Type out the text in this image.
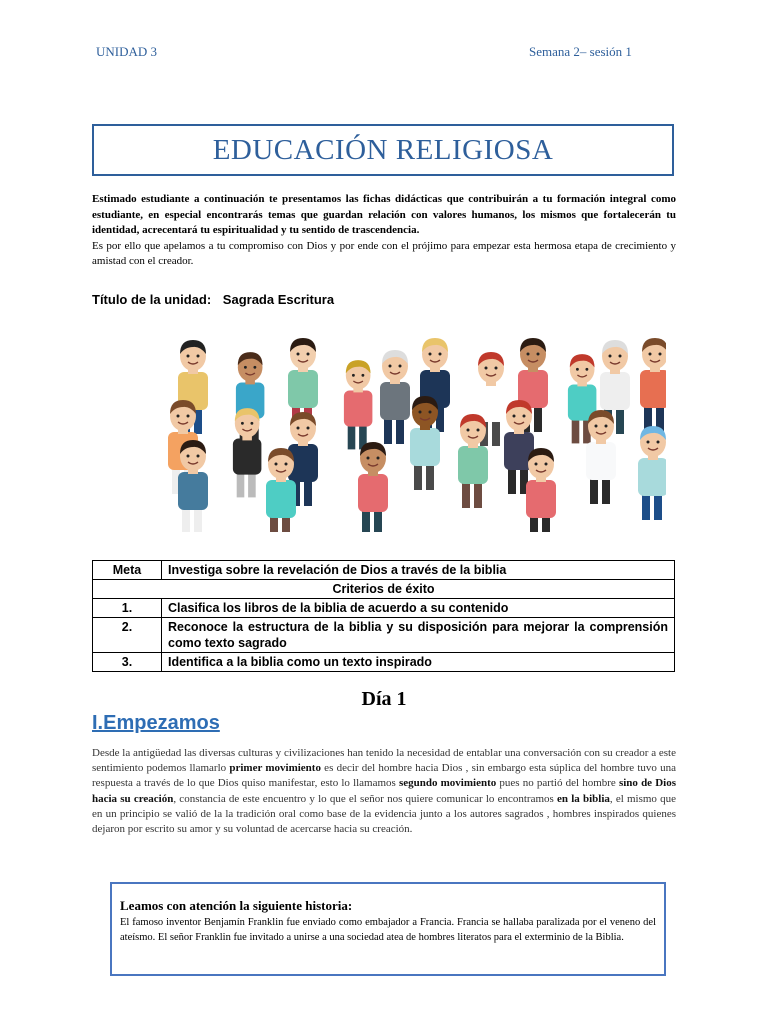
UNIDAD 3	Semana 2– sesión 1
EDUCACIÓN RELIGIOSA
Estimado estudiante a continuación te presentamos las fichas didácticas que contribuirán a tu formación integral como estudiante, en especial encontrarás temas que guardan relación con valores humanos, los mismos que fortalecerán tu identidad, acrecentará tu espiritualidad y tu sentido de trascendencia.
Es por ello que apelamos a tu compromiso con Dios y por ende con el prójimo para empezar esta hermosa etapa de crecimiento y amistad con el creador.
Título de la unidad: Sagrada Escritura
Meta	Investiga sobre la revelación de Dios a través de la biblia
Criterios de éxito	
1.	Clasifica los libros de la biblia de acuerdo a su contenido
2.	Reconoce la estructura de la biblia y su disposición para mejorar la comprensión como texto sagrado
3.	Identifica a la biblia como un texto inspirado
Día 1
I.Empezamos
Desde la antigüedad las diversas culturas y civilizaciones han tenido la necesidad de entablar una conversación con su creador a este sentimiento podemos llamarlo primer movimiento es decir del hombre hacia Dios , sin embargo esta súplica del hombre tuvo una respuesta a través de lo que Dios quiso manifestar, esto lo llamamos segundo movimiento pues no partió del hombre sino de Dios hacia su creación, constancia de este encuentro y lo que el señor nos quiere comunicar lo encontramos en la biblia, el mismo que en un principio se valió de la la tradición oral como base de la evidencia junto a los autores sagrados , hombres inspirados quienes dejaron por escrito su amor y su voluntad de acercarse hacia su creación.
Leamos con atención la siguiente historia:
El famoso inventor Benjamín Franklin fue enviado como embajador a Francia. Francia se hallaba paralizada por el veneno del ateísmo. El señor Franklin fue invitado a unirse a una sociedad atea de hombres literatos para el exterminio de la Biblia.
